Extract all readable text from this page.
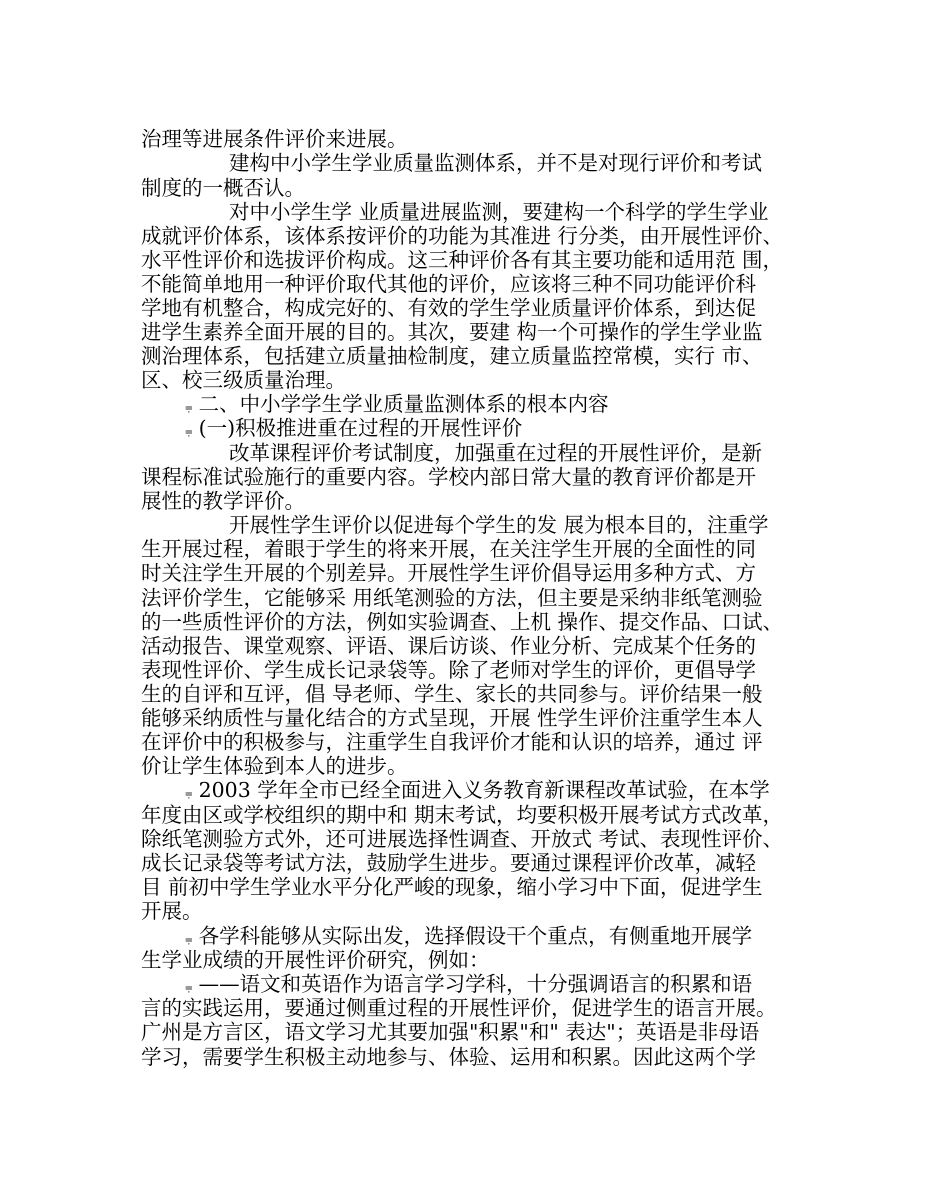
治理等进展条件评价来进展。
建构中小学生学业质量监测体系，并不是对现行评价和考试
制度的一概否认。
对中小学生学 业质量进展监测，要建构一个科学的学生学业
成就评价体系，该体系按评价的功能为其准进 行分类，由开展性评价、
水平性评价和选拔评价构成。这三种评价各有其主要功能和适用范 围，
不能简单地用一种评价取代其他的评价，应该将三种不同功能评价科
学地有机整合，构成完好的、有效的学生学业质量评价体系，到达促
进学生素养全面开展的目的。其次，要建 构一个可操作的学生学业监
测治理体系，包括建立质量抽检制度，建立质量监控常模，实行 市、
区、校三级质量治理。
⩦ 二、中小学学生学业质量监测体系的根本内容
⩦ (一)积极推进重在过程的开展性评价
改革课程评价考试制度，加强重在过程的开展性评价，是新
课程标准试验施行的重要内容。学校内部日常大量的教育评价都是开
展性的教学评价。
开展性学生评价以促进每个学生的发 展为根本目的，注重学
生开展过程，着眼于学生的将来开展，在关注学生开展的全面性的同
时关注学生开展的个别差异。开展性学生评价倡导运用多种方式、方
法评价学生，它能够采 用纸笔测验的方法，但主要是采纳非纸笔测验
的一些质性评价的方法，例如实验调查、上机 操作、提交作品、口试、
活动报告、课堂观察、评语、课后访谈、作业分析、完成某个任务的
表现性评价、学生成长记录袋等。除了老师对学生的评价，更倡导学
生的自评和互评，倡 导老师、学生、家长的共同参与。评价结果一般
能够采纳质性与量化结合的方式呈现，开展 性学生评价注重学生本人
在评价中的积极参与，注重学生自我评价才能和认识的培养，通过 评
价让学生体验到本人的进步。
⩦ 2003 学年全市已经全面进入义务教育新课程改革试验，在本学
年度由区或学校组织的期中和 期末考试，均要积极开展考试方式改革，
除纸笔测验方式外，还可进展选择性调查、开放式 考试、表现性评价、
成长记录袋等考试方法，鼓励学生进步。要通过课程评价改革，减轻
目 前初中学生学业水平分化严峻的现象，缩小学习中下面，促进学生
开展。
⩦ 各学科能够从实际出发，选择假设干个重点，有侧重地开展学
生学业成绩的开展性评价研究，例如：
⩦ ——语文和英语作为语言学习学科，十分强调语言的积累和语
言的实践运用，要通过侧重过程的开展性评价，促进学生的语言开展。
广州是方言区，语文学习尤其要加强"积累"和" 表达"；英语是非母语
学习，需要学生积极主动地参与、体验、运用和积累。因此这两个学
